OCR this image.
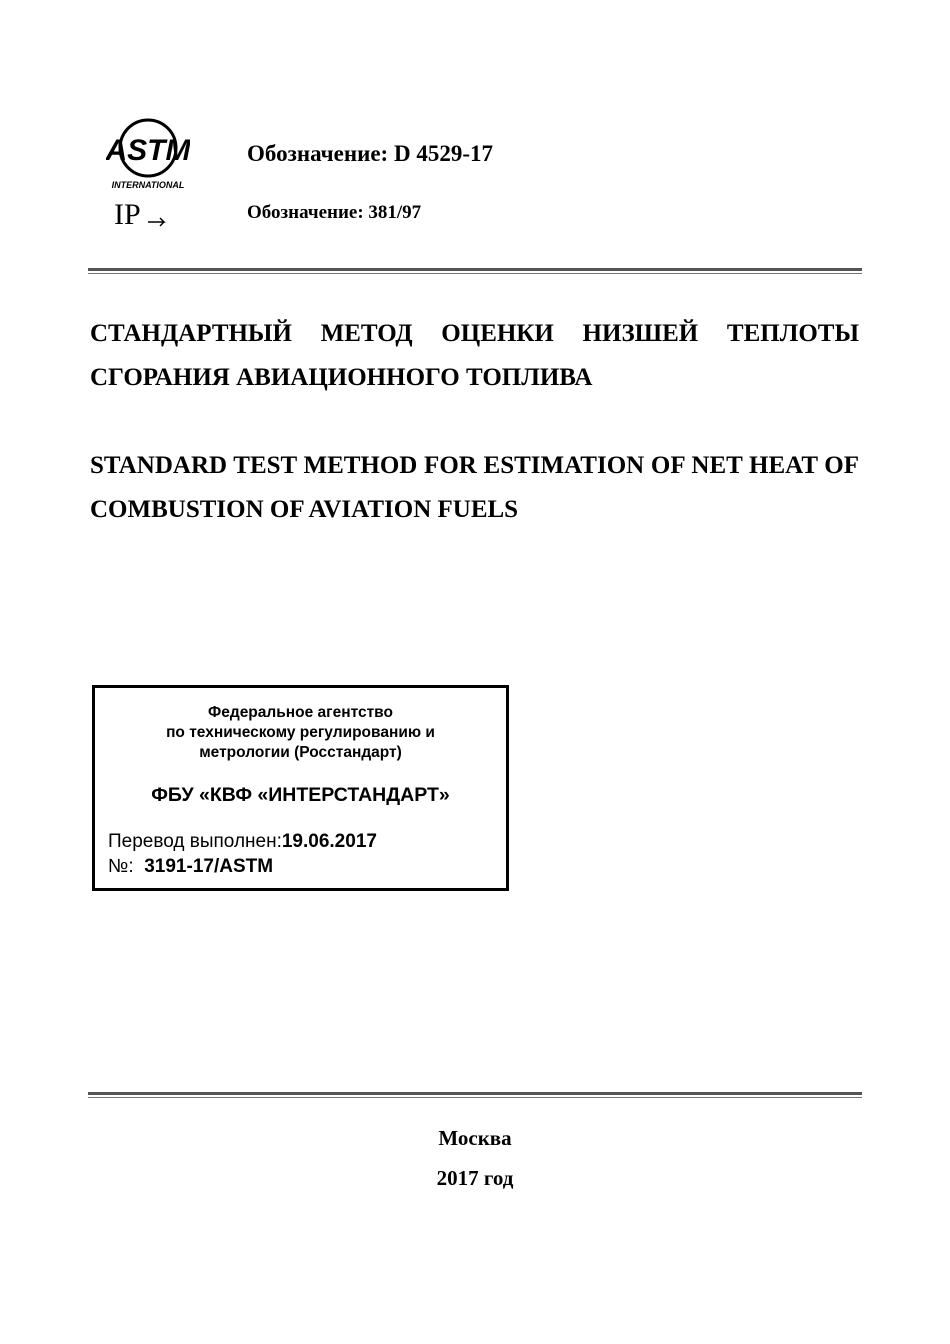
ASTM
INTERNATIONAL
IP
Обозначение: D 4529-17
Обозначение: 381/97
СТАНДАРТНЫЙ МЕТОД ОЦЕНКИ НИЗШЕЙ ТЕПЛОТЫ СГОРАНИЯ АВИАЦИОННОГО ТОПЛИВА
STANDARD TEST METHOD FOR ESTIMATION OF NET HEAT OF COMBUSTION OF AVIATION FUELS
Федеральное агентство
по техническому регулированию и
метрологии (Росстандарт)
ФБУ «КВФ «ИНТЕРСТАНДАРТ»
Перевод выполнен:19.06.2017
№: 3191-17/ASTM
Москва
2017 год
